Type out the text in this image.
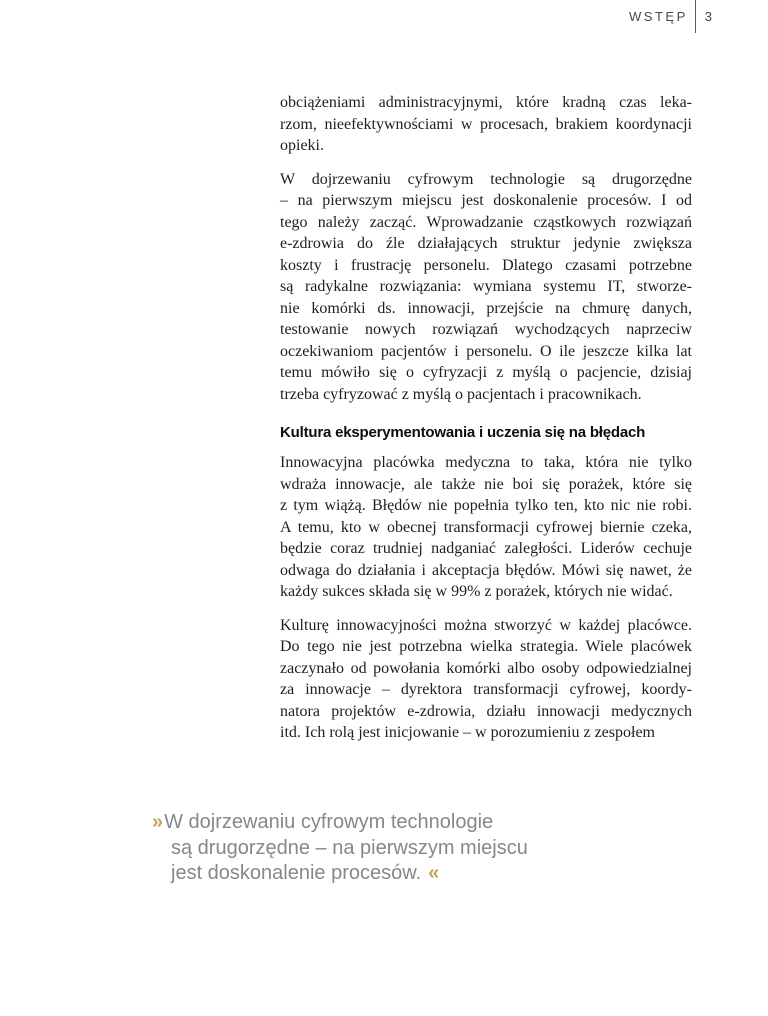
WSTĘP 3
obciążeniami administracyjnymi, które kradną czas leka-
rzom, nieefektywnościami w procesach, brakiem koordynacji
opieki.
W dojrzewaniu cyfrowym technologie są drugorzędne
– na pierwszym miejscu jest doskonalenie procesów. I od
tego należy zacząć. Wprowadzanie cząstkowych rozwiązań
e-zdrowia do źle działających struktur jedynie zwiększa
koszty i frustrację personelu. Dlatego czasami potrzebne
są radykalne rozwiązania: wymiana systemu IT, stworze-
nie komórki ds. innowacji, przejście na chmurę danych,
testowanie nowych rozwiązań wychodzących naprzeciw
oczekiwaniom pacjentów i personelu. O ile jeszcze kilka lat
temu mówiło się o cyfryzacji z myślą o pacjencie, dzisiaj
trzeba cyfryzować z myślą o pacjentach i pracownikach.
Kultura eksperymentowania i uczenia się na błędach
Innowacyjna placówka medyczna to taka, która nie tylko
wdraża innowacje, ale także nie boi się porażek, które się
z tym wiążą. Błędów nie popełnia tylko ten, kto nic nie robi.
A temu, kto w obecnej transformacji cyfrowej biernie czeka,
będzie coraz trudniej nadganiać zaległości. Liderów cechuje
odwaga do działania i akceptacja błędów. Mówi się nawet, że
każdy sukces składa się w 99% z porażek, których nie widać.
Kulturę innowacyjności można stworzyć w każdej placówce.
Do tego nie jest potrzebna wielka strategia. Wiele placówek
zaczynało od powołania komórki albo osoby odpowiedzialnej
za innowacje – dyrektora transformacji cyfrowej, koordy-
natora projektów e-zdrowia, działu innowacji medycznych
itd. Ich rolą jest inicjowanie – w porozumieniu z zespołem
»W dojrzewaniu cyfrowym technologie
są drugorzędne – na pierwszym miejscu
jest doskonalenie procesów. «
